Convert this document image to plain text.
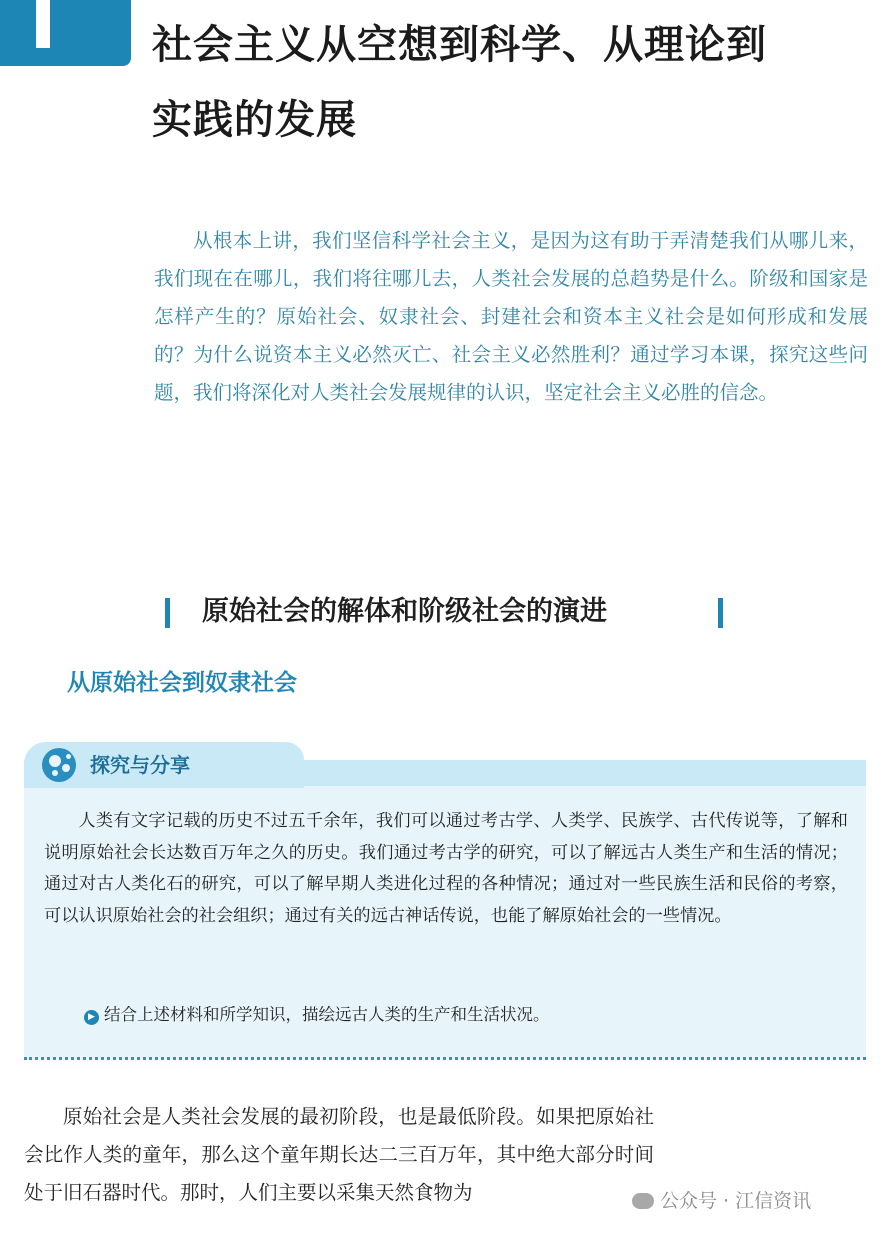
社会主义从空想到科学、从理论到
实践的发展

从根本上讲，我们坚信科学社会主义，是因为这有助于弄清楚我们从哪儿来，我们现在在哪儿，我们将往哪儿去，人类社会发展的总趋势是什么。阶级和国家是怎样产生的？原始社会、奴隶社会、封建社会和资本主义社会是如何形成和发展的？为什么说资本主义必然灭亡、社会主义必然胜利？通过学习本课，探究这些问题，我们将深化对人类社会发展规律的认识，坚定社会主义必胜的信念。

原始社会的解体和阶级社会的演进
从原始社会到奴隶社会
探究与分享

人类有文字记载的历史不过五千余年，我们可以通过考古学、人类学、民族学、古代传说等，了解和说明原始社会长达数百万年之久的历史。我们通过考古学的研究，可以了解远古人类生产和生活的情况；通过对古人类化石的研究，可以了解早期人类进化过程的各种情况；通过对一些民族生活和民俗的考察，可以认识原始社会的社会组织；通过有关的远古神话传说，也能了解原始社会的一些情况。

▶ 结合上述材料和所学知识，描绘远古人类的生产和生活状况。

原始社会是人类社会发展的最初阶段，也是最低阶段。如果把原始社会比作人类的童年，那么这个童年期长达二三百万年，其中绝大部分时间处于旧石器时代。那时，人们主要以采集天然食物为	公众号 · 江信资讯
